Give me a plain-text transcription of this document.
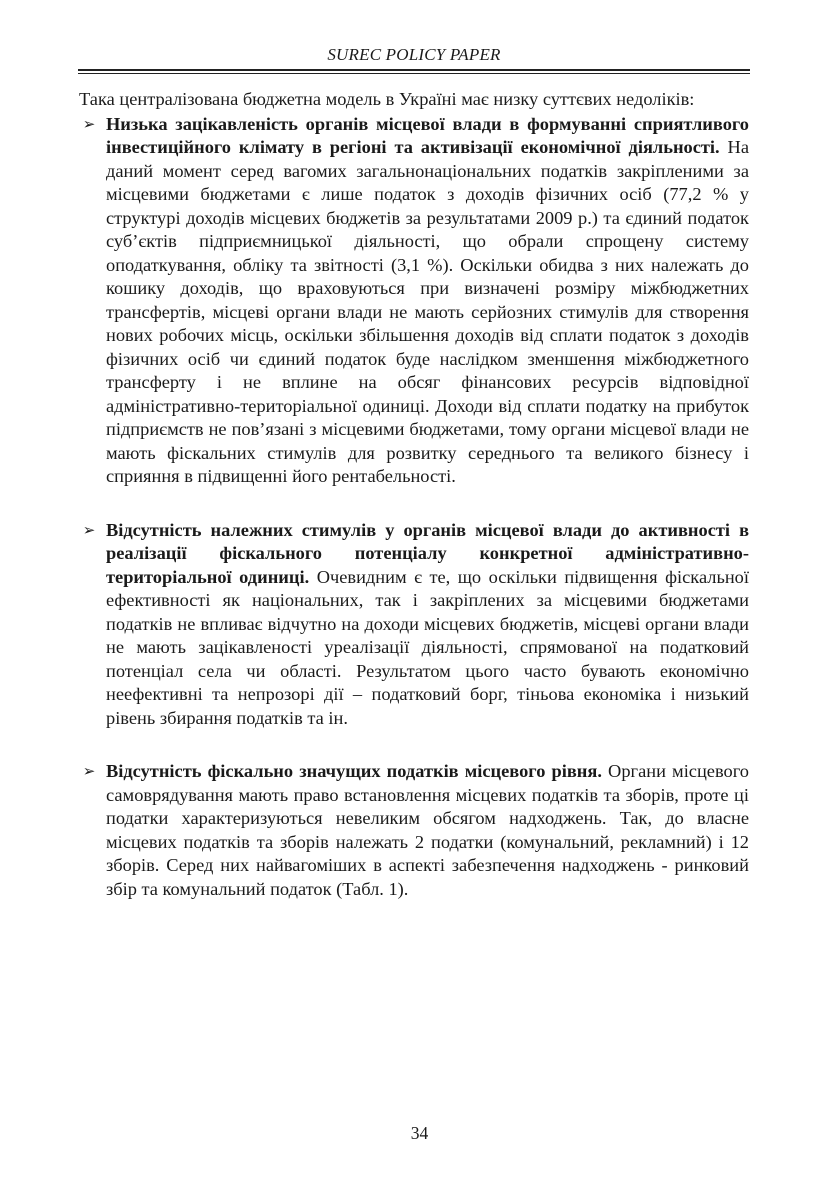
SUREC POLICY PAPER

Така централізована бюджетна модель в Україні має низку суттєвих недоліків:

➢ Низька зацікавленість органів місцевої влади в формуванні сприятливого інвестиційного клімату в регіоні та активізації економічної діяльності. На даний момент серед вагомих загальнонаціональних податків закріпленими за місцевими бюджетами є лише податок з доходів фізичних осіб (77,2 % у структурі доходів місцевих бюджетів за результатами 2009 р.) та єдиний податок суб’єктів підприємницької діяльності, що обрали спрощену систему оподаткування, обліку та звітності (3,1 %). Оскільки обидва з них належать до кошику доходів, що враховуються при визначені розміру міжбюджетних трансфертів, місцеві органи влади не мають серйозних стимулів для створення нових робочих місць, оскільки збільшення доходів від сплати податок з доходів фізичних осіб чи єдиний податок буде наслідком зменшення міжбюджетного трансферту і не вплине на обсяг фінансових ресурсів відповідної адміністративно-територіальної одиниці. Доходи від сплати податку на прибуток підприємств не пов’язані з місцевими бюджетами, тому органи місцевої влади не мають фіскальних стимулів для розвитку середнього та великого бізнесу і сприяння в підвищенні його рентабельності.
➢ Відсутність належних стимулів у органів місцевої влади до активності в реалізації фіскального потенціалу конкретної адміністративно-територіальної одиниці. Очевидним є те, що оскільки підвищення фіскальної ефективності як національних, так і закріплених за місцевими бюджетами податків не впливає відчутно на доходи місцевих бюджетів, місцеві органи влади не мають зацікавленості уреалізації діяльності, спрямованої на податковий потенціал села чи області. Результатом цього часто бувають економічно неефективні та непрозорі дії – податковий борг, тіньова економіка і низький рівень збирання податків та ін.
➢ Відсутність фіскально значущих податків місцевого рівня. Органи місцевого самоврядування мають право встановлення місцевих податків та зборів, проте ці податки характеризуються невеликим обсягом надходжень. Так, до власне місцевих податків та зборів належать 2 податки (комунальний, рекламний) і 12 зборів. Серед них найвагоміших в аспекті забезпечення надходжень - ринковий збір та комунальний податок (Табл. 1).
34
